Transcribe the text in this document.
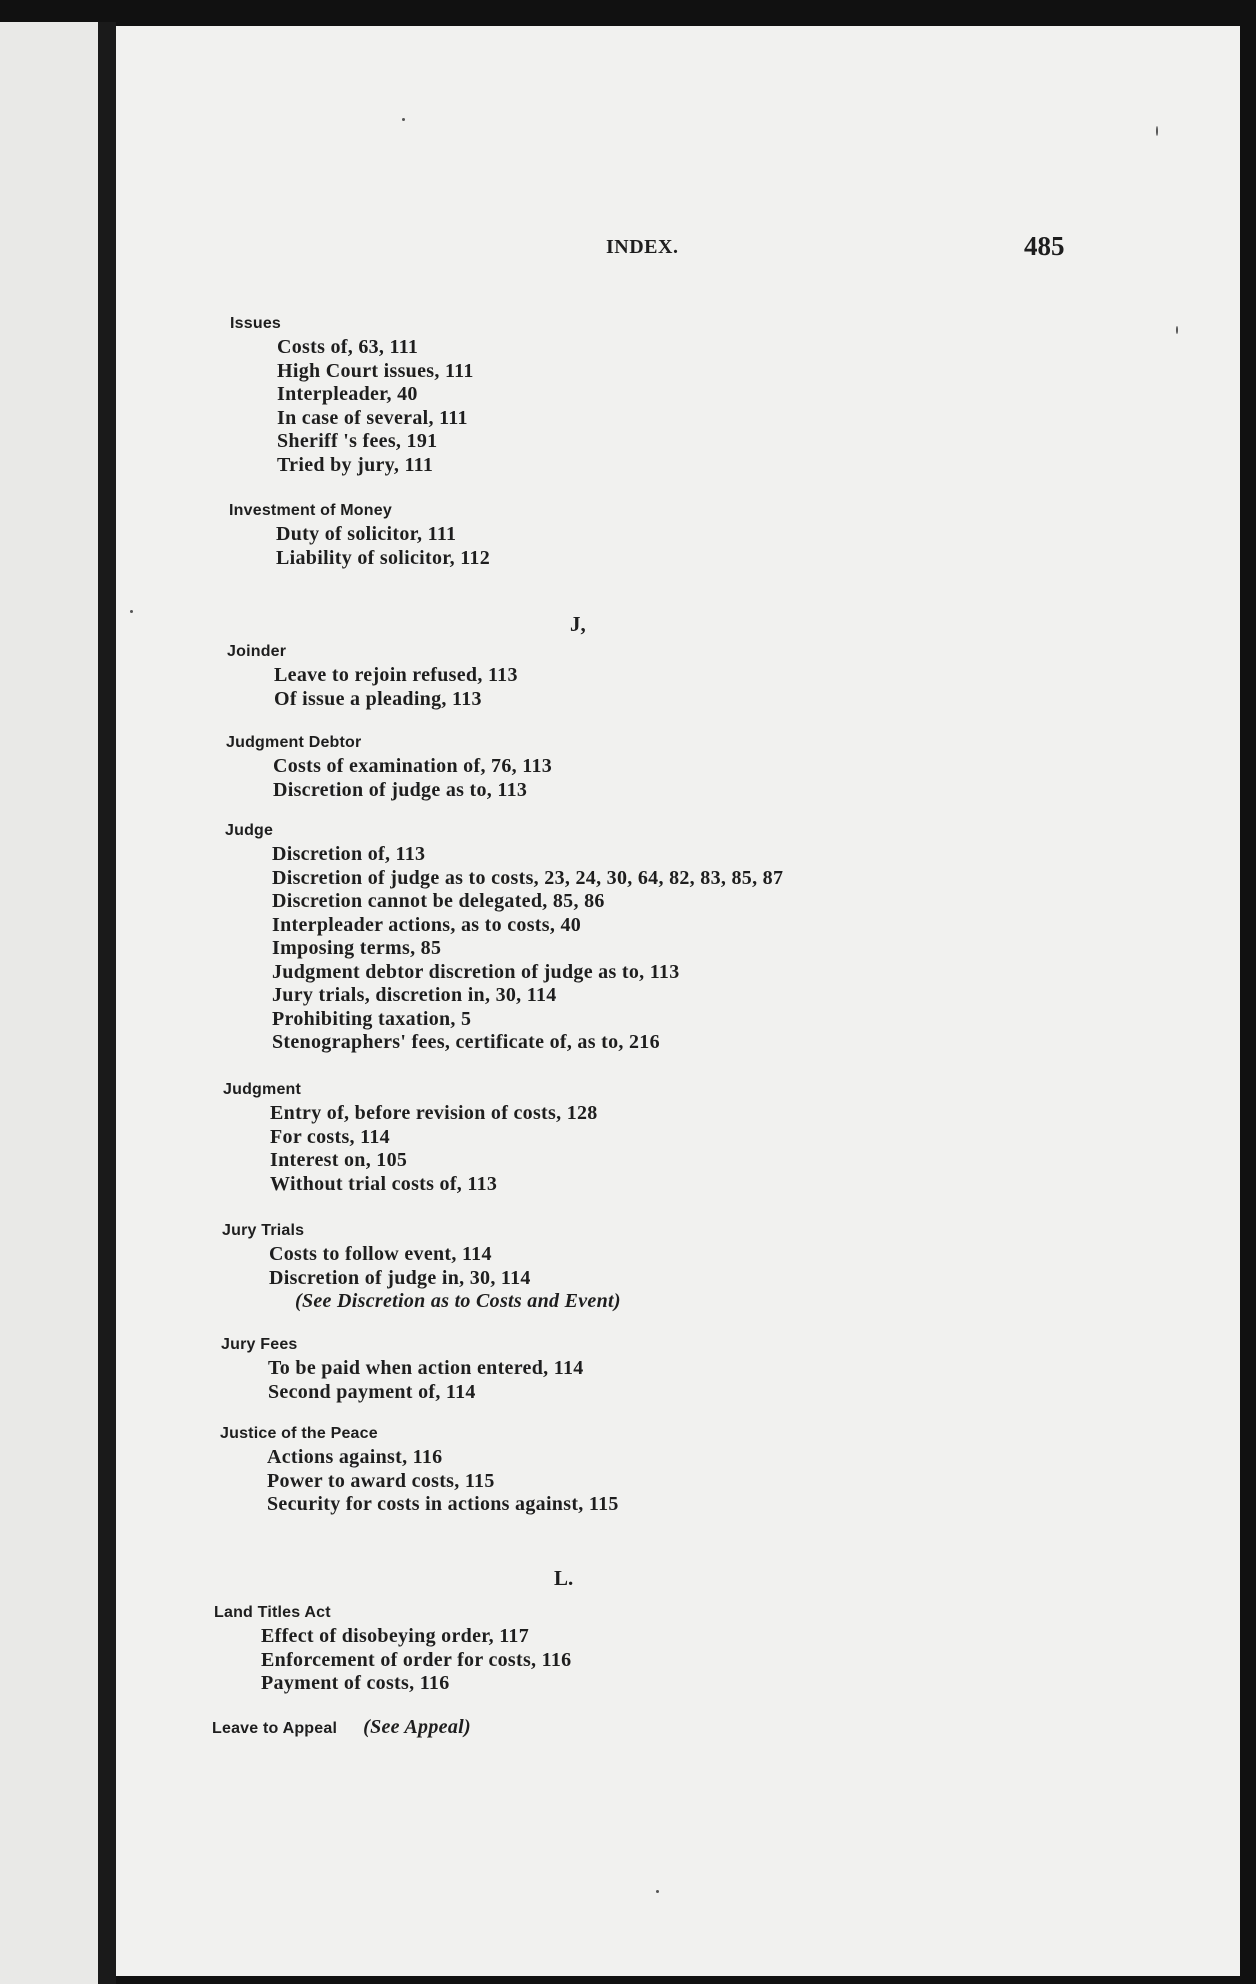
INDEX.	485
Issues
Costs of, 63, 111
High Court issues, 111
Interpleader, 40
In case of several, 111
Sheriff 's fees, 191
Tried by jury, 111
Investment of Money
Duty of solicitor, 111
Liability of solicitor, 112
J,
Joinder
Leave to rejoin refused, 113
Of issue a pleading, 113
Judgment Debtor
Costs of examination of, 76, 113
Discretion of judge as to, 113
Judge
Discretion of, 113
Discretion of judge as to costs, 23, 24, 30, 64, 82, 83, 85, 87
Discretion cannot be delegated, 85, 86
Interpleader actions, as to costs, 40
Imposing terms, 85
Judgment debtor discretion of judge as to, 113
Jury trials, discretion in, 30, 114
Prohibiting taxation, 5
Stenographers' fees, certificate of, as to, 216
Judgment
Entry of, before revision of costs, 128
For costs, 114
Interest on, 105
Without trial costs of, 113
Jury Trials
Costs to follow event, 114
Discretion of judge in, 30, 114
(See Discretion as to Costs and Event)
Jury Fees
To be paid when action entered, 114
Second payment of, 114
Justice of the Peace
Actions against, 116
Power to award costs, 115
Security for costs in actions against, 115
L.
Land Titles Act
Effect of disobeying order, 117
Enforcement of order for costs, 116
Payment of costs, 116
Leave to Appeal (See Appeal)
